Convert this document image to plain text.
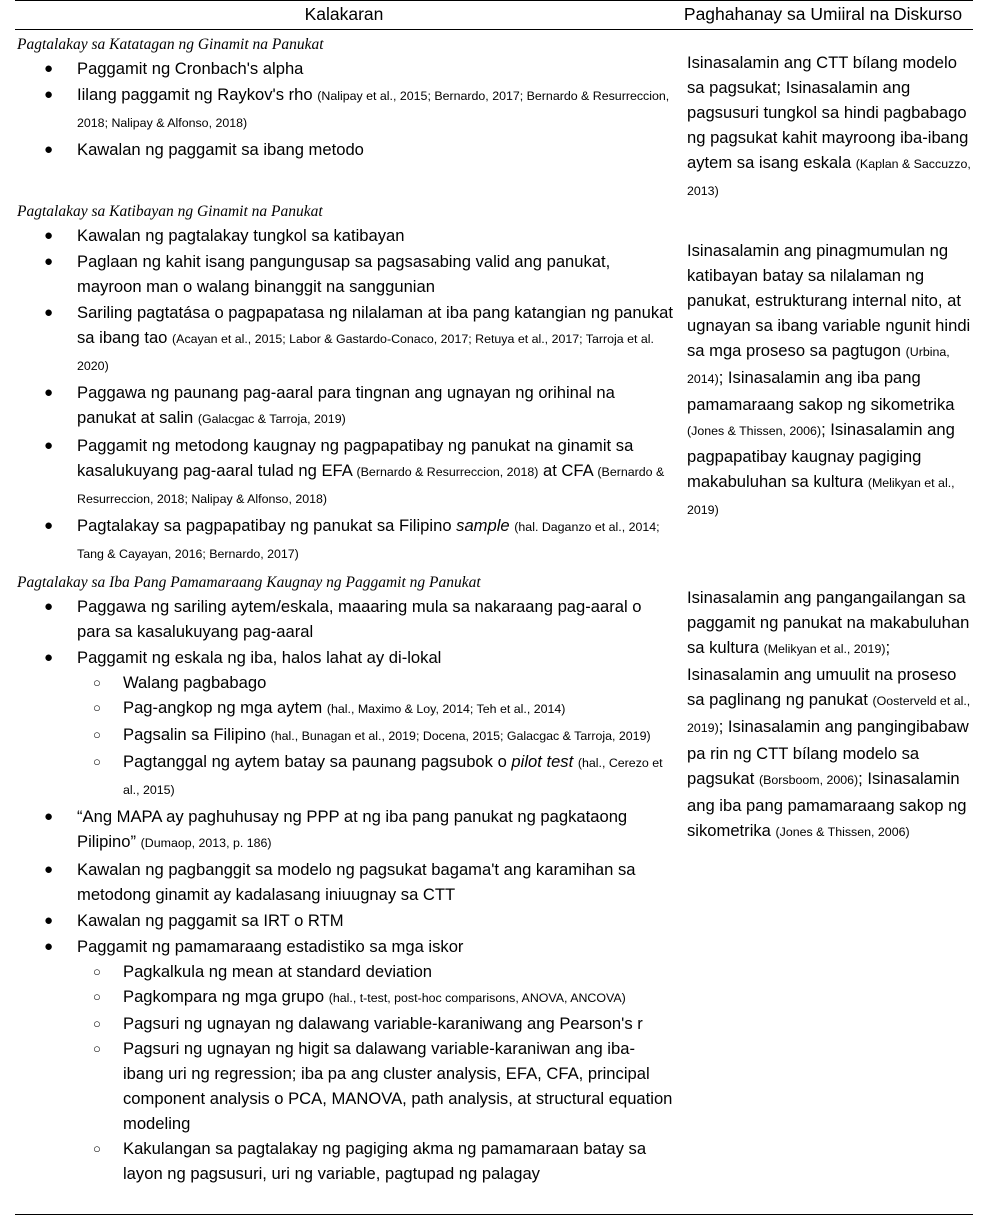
Kalakaran	Paghahanay sa Umiiral na Diskurso
Pagtalakay sa Katatagan ng Ginamit na Panukat
● Paggamit ng Cronbach's alpha
● Iilang paggamit ng Raykov's rho (Nalipay et al., 2015; Bernardo, 2017; Bernardo & Resurreccion, 2018; Nalipay & Alfonso, 2018)
● Kawalan ng paggamit sa ibang metodo
Pagtalakay sa Katibayan ng Ginamit na Panukat
● Kawalan ng pagtalakay tungkol sa katibayan
● Paglaan ng kahit isang pangungusap sa pagsasabing valid ang panukat, mayroon man o walang binanggit na sanggunian
● Sariling pagtatása o pagpapatasa ng nilalaman at iba pang katangian ng panukat sa ibang tao (Acayan et al., 2015; Labor & Gastardo-Conaco, 2017; Retuya et al., 2017; Tarroja et al. 2020)
● Paggawa ng paunang pag-aaral para tingnan ang ugnayan ng orihinal na panukat at salin (Galacgac & Tarroja, 2019)
● Paggamit ng metodong kaugnay ng pagpapatibay ng panukat na ginamit sa kasalukuyang pag-aaral tulad ng EFA (Bernardo & Resurreccion, 2018) at CFA (Bernardo & Resurreccion, 2018; Nalipay & Alfonso, 2018)
● Pagtalakay sa pagpapatibay ng panukat sa Filipino sample (hal. Daganzo et al., 2014; Tang & Cayayan, 2016; Bernardo, 2017)
Pagtalakay sa Iba Pang Pamamaraang Kaugnay ng Paggamit ng Panukat
● Paggawa ng sariling aytem/eskala, maaaring mula sa nakaraang pag-aaral o para sa kasalukuyang pag-aaral
● Paggamit ng eskala ng iba, halos lahat ay di-lokal
○ Walang pagbabago
○ Pag-angkop ng mga aytem (hal., Maximo & Loy, 2014; Teh et al., 2014)
○ Pagsalin sa Filipino (hal., Bunagan et al., 2019; Docena, 2015; Galacgac & Tarroja, 2019)
○ Pagtanggal ng aytem batay sa paunang pagsubok o pilot test (hal., Cerezo et al., 2015)
● “Ang MAPA ay paghuhusay ng PPP at ng iba pang panukat ng pagkataong Pilipino” (Dumaop, 2013, p. 186)
● Kawalan ng pagbanggit sa modelo ng pagsukat bagama't ang karamihan sa metodong ginamit ay kadalasang iniuugnay sa CTT
● Kawalan ng paggamit sa IRT o RTM
● Paggamit ng pamamaraang estadistiko sa mga iskor
○ Pagkalkula ng mean at standard deviation
○ Pagkompara ng mga grupo (hal., t-test, post-hoc comparisons, ANOVA, ANCOVA)
○ Pagsuri ng ugnayan ng dalawang variable-karaniwang ang Pearson's r
○ Pagsuri ng ugnayan ng higit sa dalawang variable-karaniwan ang iba-ibang uri ng regression; iba pa ang cluster analysis, EFA, CFA, principal component analysis o PCA, MANOVA, path analysis, at structural equation modeling
○ Kakulangan sa pagtalakay ng pagiging akma ng pamamaraan batay sa layon ng pagsusuri, uri ng variable, pagtupad ng palagay
Isinasalamin ang CTT bílang modelo sa pagsukat; Isinasalamin ang pagsusuri tungkol sa hindi pagbabago ng pagsukat kahit mayroong iba-ibang aytem sa isang eskala (Kaplan & Saccuzzo, 2013)
Isinasalamin ang pinagmumulan ng katibayan batay sa nilalaman ng panukat, estrukturang internal nito, at ugnayan sa ibang variable ngunit hindi sa mga proseso sa pagtugon (Urbina, 2014); Isinasalamin ang iba pang pamamaraang sakop ng sikometrika (Jones & Thissen, 2006); Isinasalamin ang pagpapatibay kaugnay pagiging makabuluhan sa kultura (Melikyan et al., 2019)
Isinasalamin ang pangangailangan sa paggamit ng panukat na makabuluhan sa kultura (Melikyan et al., 2019); Isinasalamin ang umuulit na proseso sa paglinang ng panukat (Oosterveld et al., 2019); Isinasalamin ang pangingibabaw pa rin ng CTT bílang modelo sa pagsukat (Borsboom, 2006); Isinasalamin ang iba pang pamamaraang sakop ng sikometrika (Jones & Thissen, 2006)
